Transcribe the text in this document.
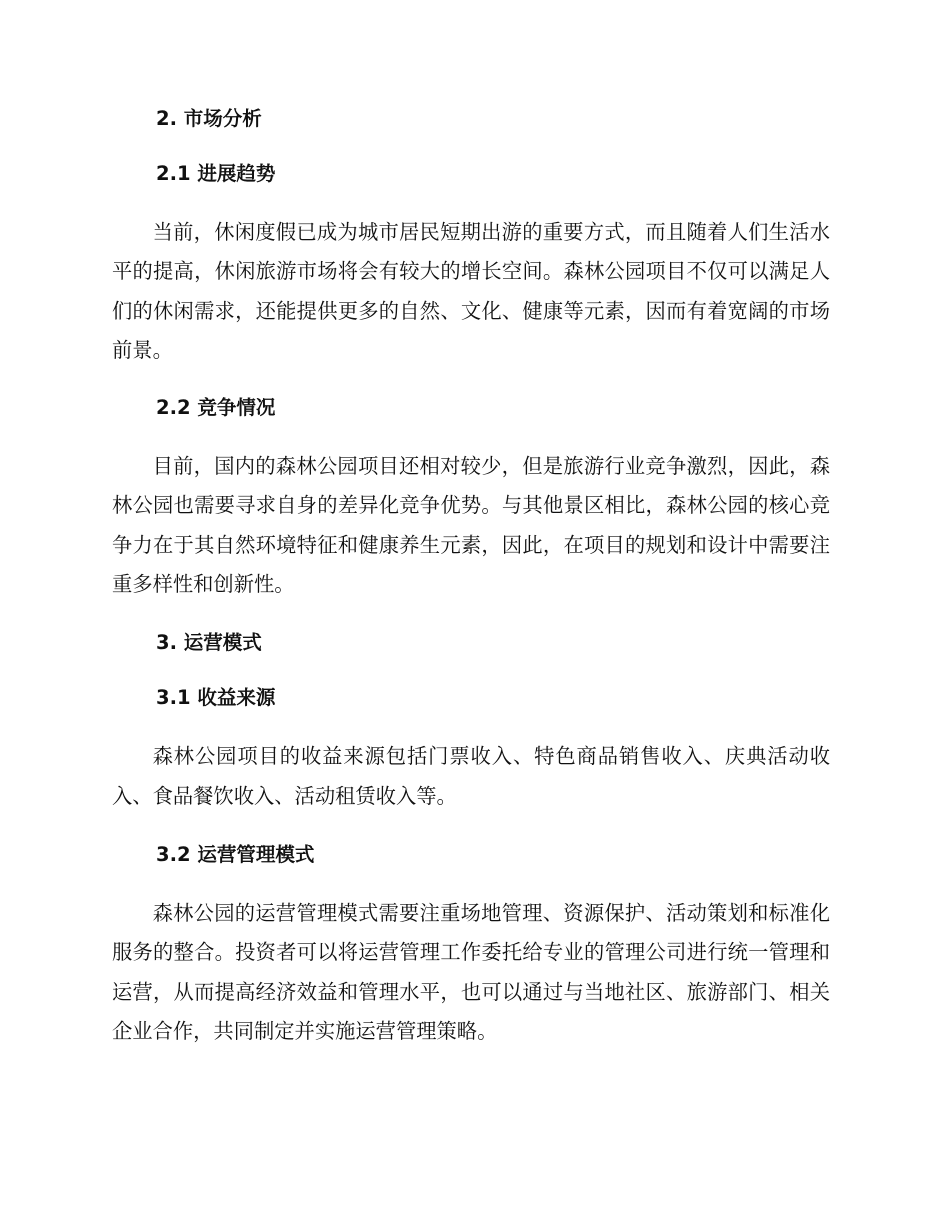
2. 市场分析
2.1 进展趋势

当前，休闲度假已成为城市居民短期出游的重要方式，而且随着人们生活水平的提高，休闲旅游市场将会有较大的增长空间。森林公园项目不仅可以满足人们的休闲需求，还能提供更多的自然、文化、健康等元素，因而有着宽阔的市场前景。

2.2 竞争情况

目前，国内的森林公园项目还相对较少，但是旅游行业竞争激烈，因此，森林公园也需要寻求自身的差异化竞争优势。与其他景区相比，森林公园的核心竞争力在于其自然环境特征和健康养生元素，因此，在项目的规划和设计中需要注重多样性和创新性。

3. 运营模式
3.1 收益来源

森林公园项目的收益来源包括门票收入、特色商品销售收入、庆典活动收入、食品餐饮收入、活动租赁收入等。

3.2 运营管理模式

森林公园的运营管理模式需要注重场地管理、资源保护、活动策划和标准化服务的整合。投资者可以将运营管理工作委托给专业的管理公司进行统一管理和运营，从而提高经济效益和管理水平，也可以通过与当地社区、旅游部门、相关企业合作，共同制定并实施运营管理策略。
